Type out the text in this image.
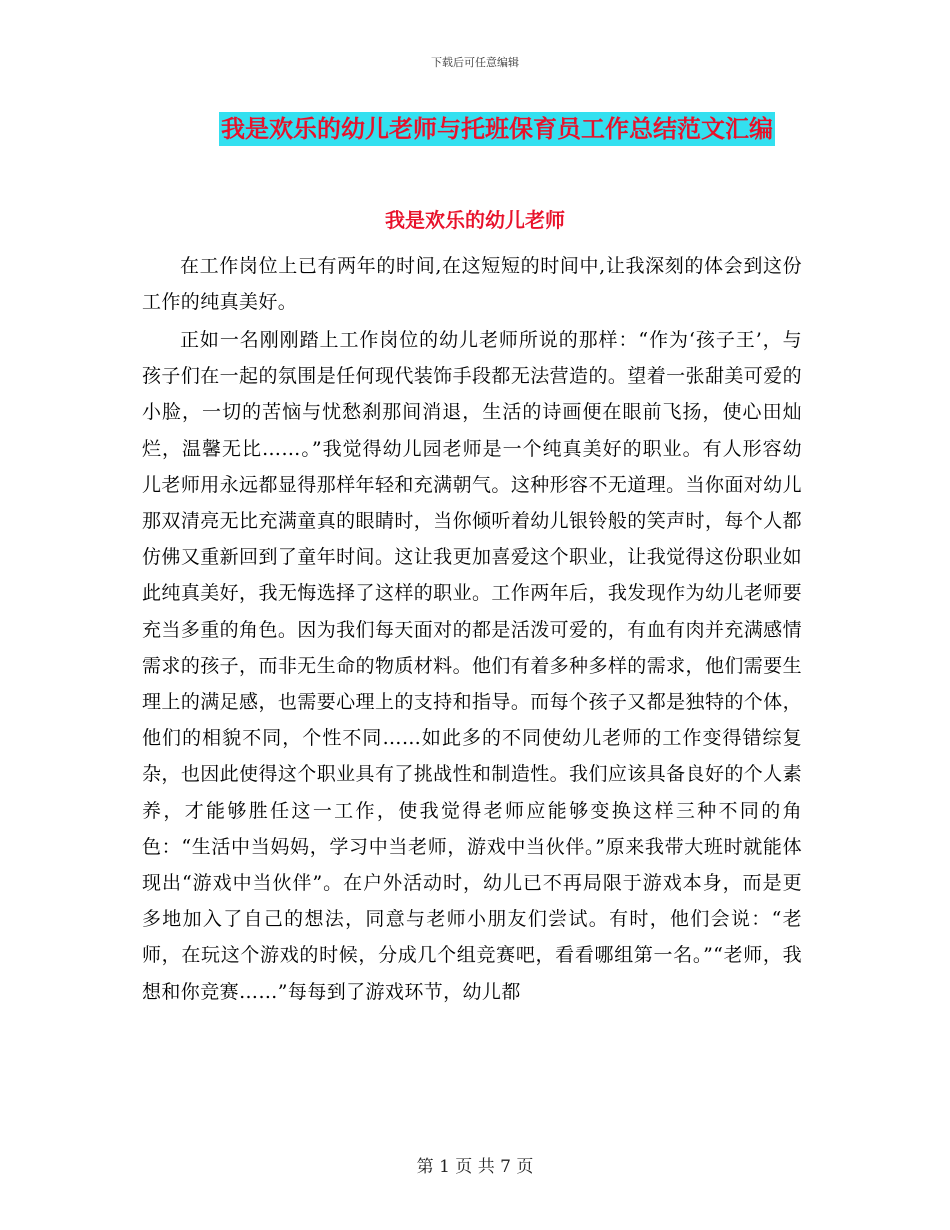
下载后可任意编辑
我是欢乐的幼儿老师与托班保育员工作总结范文汇编
我是欢乐的幼儿老师

在工作岗位上已有两年的时间,在这短短的时间中,让我深刻的体会到这份工作的纯真美好。

正如一名刚刚踏上工作岗位的幼儿老师所说的那样：“作为‘孩子王’，与孩子们在一起的氛围是任何现代装饰手段都无法营造的。望着一张甜美可爱的小脸，一切的苦恼与忧愁刹那间消退，生活的诗画便在眼前飞扬，使心田灿烂，温馨无比……。”我觉得幼儿园老师是一个纯真美好的职业。有人形容幼儿老师用永远都显得那样年轻和充满朝气。这种形容不无道理。当你面对幼儿那双清亮无比充满童真的眼睛时，当你倾听着幼儿银铃般的笑声时，每个人都仿佛又重新回到了童年时间。这让我更加喜爱这个职业，让我觉得这份职业如此纯真美好，我无悔选择了这样的职业。工作两年后，我发现作为幼儿老师要充当多重的角色。因为我们每天面对的都是活泼可爱的，有血有肉并充满感情需求的孩子，而非无生命的物质材料。他们有着多种多样的需求，他们需要生理上的满足感，也需要心理上的支持和指导。而每个孩子又都是独特的个体，他们的相貌不同，个性不同……如此多的不同使幼儿老师的工作变得错综复杂，也因此使得这个职业具有了挑战性和制造性。我们应该具备良好的个人素养，才能够胜任这一工作，使我觉得老师应能够变换这样三种不同的角色：“生活中当妈妈，学习中当老师，游戏中当伙伴。”原来我带大班时就能体现出“游戏中当伙伴”。在户外活动时，幼儿已不再局限于游戏本身，而是更多地加入了自己的想法，同意与老师小朋友们尝试。有时，他们会说：“老师，在玩这个游戏的时候，分成几个组竞赛吧，看看哪组第一名。”“老师，我想和你竞赛……”每每到了游戏环节，幼儿都

第 1 页 共 7 页
